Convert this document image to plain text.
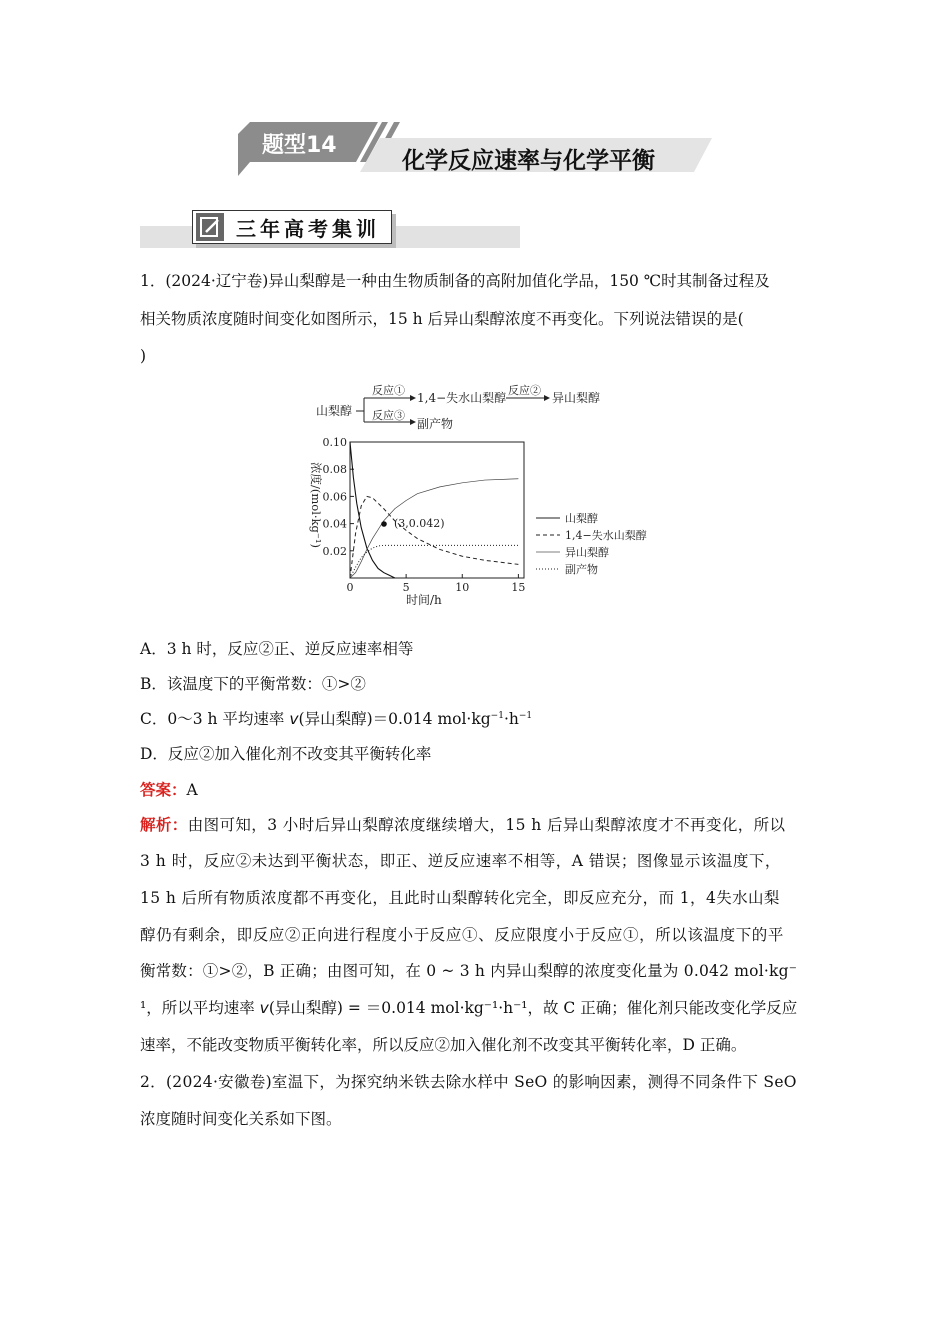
题型14
化学反应速率与化学平衡
三年高考集训
1．(2024·辽宁卷)异山梨醇是一种由生物质制备的高附加值化学品，150 ℃时其制备过程及
相关物质浓度随时间变化如图所示，15 h 后异山梨醇浓度不再变化。下列说法错误的是(
)
山梨醇
反应①
反应③
1,4−失水山梨醇
反应②
异山梨醇
副产物
0	5	10	15
0.02
0.04
0.06
0.08
0.10
(3,0.042)
时间/h
浓度/(mol·kg⁻¹)	山梨醇
1,4−失水山梨醇
异山梨醇
副产物
A．3 h 时，反应②正、逆反应速率相等
B．该温度下的平衡常数：①>②
C．0～3 h 平均速率 v(异山梨醇)＝0.014 $mol\cdot kg^{-1}\cdot h^{-1}$
D．反应②加入催化剂不改变其平衡转化率
答案：A
解析：由图可知，3 小时后异山梨醇浓度继续增大，15 h 后异山梨醇浓度才不再变化，所以
3 h 时，反应②未达到平衡状态，即正、逆反应速率不相等，A 错误；图像显示该温度下，
15 h 后所有物质浓度都不再变化，且此时山梨醇转化完全，即反应充分，而 1，4失水山梨
醇仍有剩余，即反应②正向进行程度小于反应①、反应限度小于反应①，所以该温度下的平
衡常数：①>②，B 正确；由图可知，在 0 ~ 3 h 内异山梨醇的浓度变化量为 0.042 mol·kg⁻
¹，所以平均速率 v(异山梨醇) = ＝0.014 mol·kg⁻¹·h⁻¹，故 C 正确；催化剂只能改变化学反应
速率，不能改变物质平衡转化率，所以反应②加入催化剂不改变其平衡转化率，D 正确。
2．(2024·安徽卷)室温下，为探究纳米铁去除水样中 SeO 的影响因素，测得不同条件下 SeO
浓度随时间变化关系如下图。
